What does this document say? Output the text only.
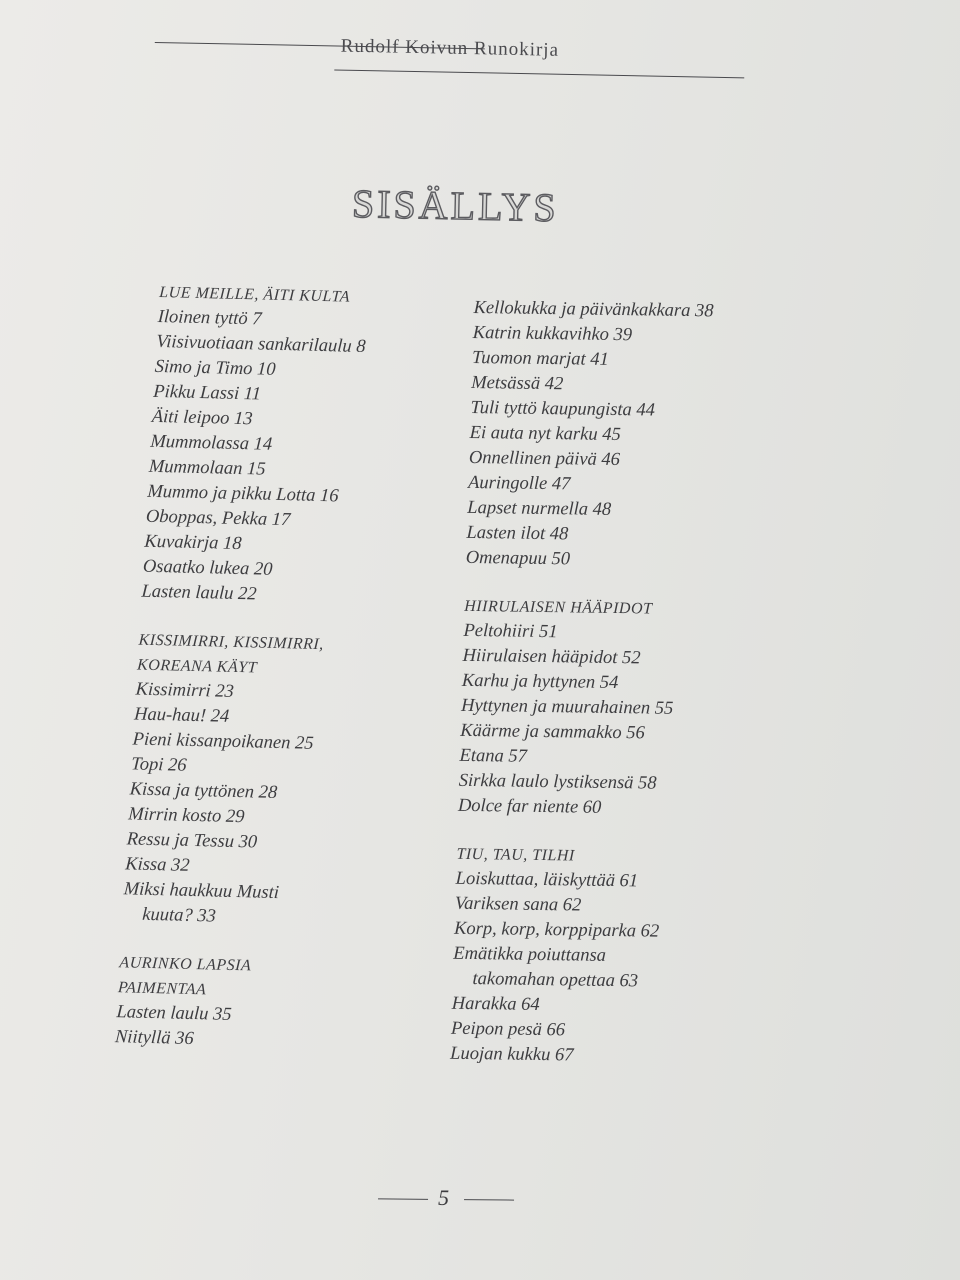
Rudolf Koivun Runokirja
SISÄLLYS
LUE MEILLE, ÄITI KULTA
Iloinen tyttö 7
Viisivuotiaan sankarilaulu 8
Simo ja Timo 10
Pikku Lassi 11
Äiti leipoo 13
Mummolassa 14
Mummolaan 15
Mummo ja pikku Lotta 16
Oboppas, Pekka 17
Kuvakirja 18
Osaatko lukea 20
Lasten laulu 22
KISSIMIRRI, KISSIMIRRI,
KOREANA KÄYT
Kissimirri 23
Hau-hau! 24
Pieni kissanpoikanen 25
Topi 26
Kissa ja tyttönen 28
Mirrin kosto 29
Ressu ja Tessu 30
Kissa 32
Miksi haukkuu Musti
kuuta? 33
AURINKO LAPSIA
PAIMENTAA
Lasten laulu 35
Niityllä 36
Kellokukka ja päivänkakkara 38
Katrin kukkavihko 39
Tuomon marjat 41
Metsässä 42
Tuli tyttö kaupungista 44
Ei auta nyt karku 45
Onnellinen päivä 46
Auringolle 47
Lapset nurmella 48
Lasten ilot 48
Omenapuu 50
HIIRULAISEN HÄÄPIDOT
Peltohiiri 51
Hiirulaisen hääpidot 52
Karhu ja hyttynen 54
Hyttynen ja muurahainen 55
Käärme ja sammakko 56
Etana 57
Sirkka laulo lystiksensä 58
Dolce far niente 60
TIU, TAU, TILHI
Loiskuttaa, läiskyttää 61
Variksen sana 62
Korp, korp, korppiparka 62
Emätikka poiuttansa
takomahan opettaa 63
Harakka 64
Peipon pesä 66
Luojan kukku 67
5
